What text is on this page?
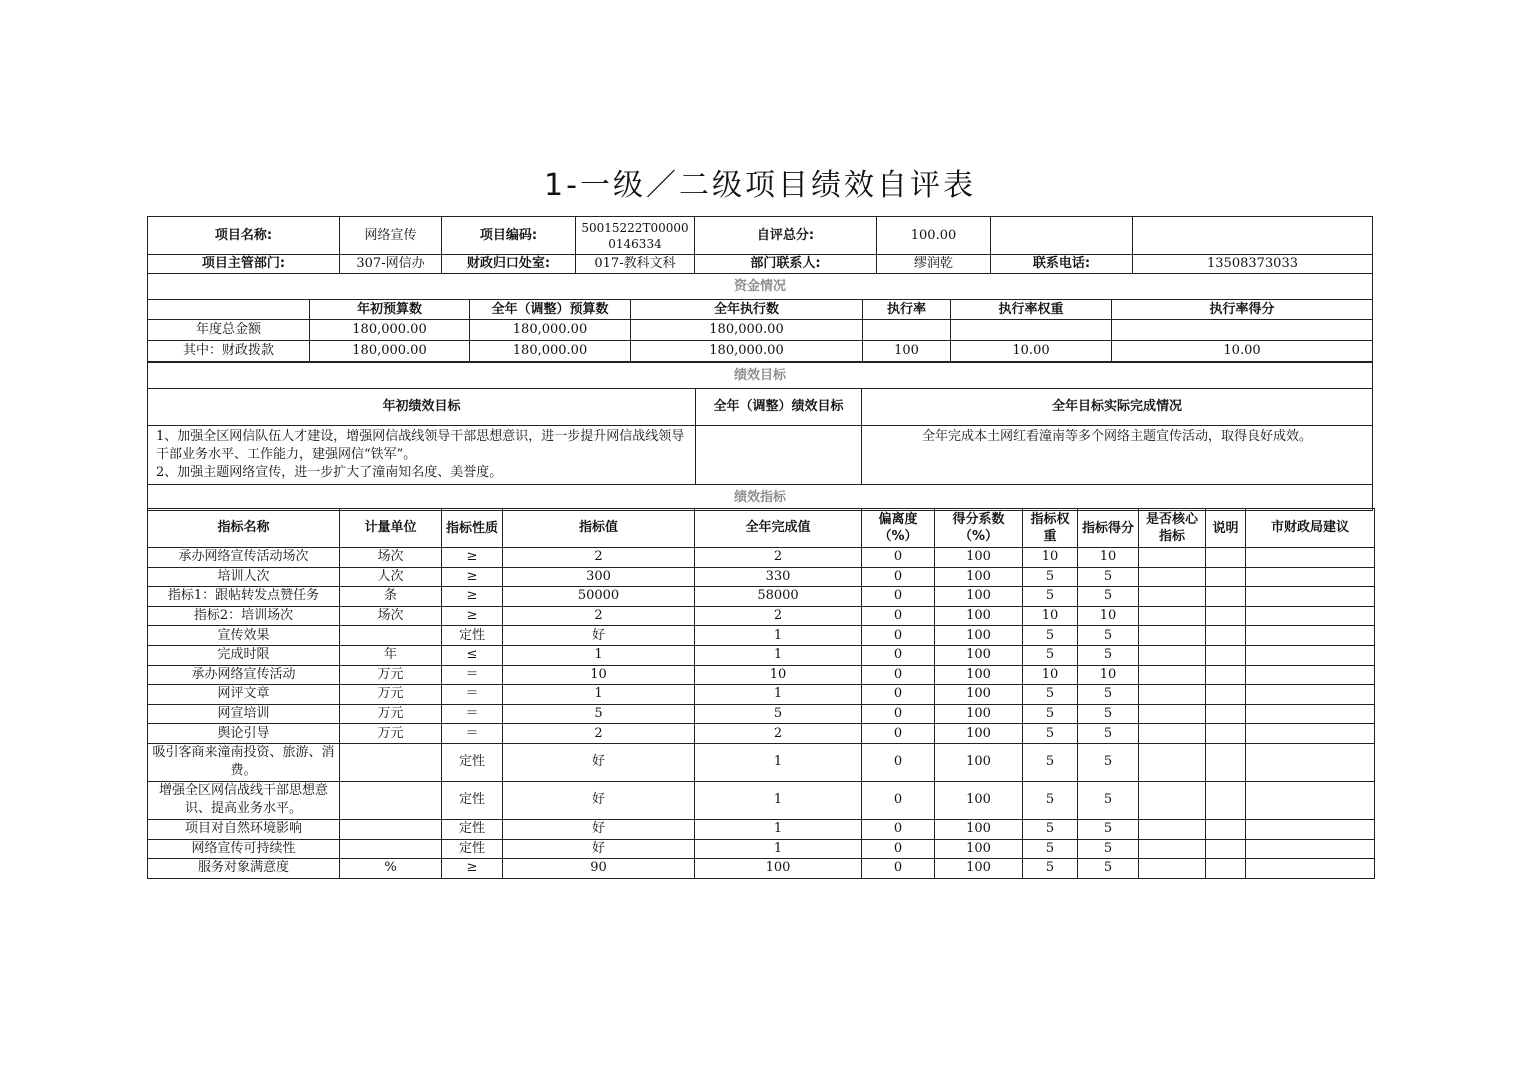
1-一级／二级项目绩效自评表
项目名称:	网络宣传	项目编码:	50015222T000000146334	自评总分:	100.00		
项目主管部门:	307-网信办	财政归口处室:	017-教科文科	部门联系人:	缪润乾	联系电话:	13508373033
资金情况						
	年初预算数	全年（调整）预算数	全年执行数	执行率	执行率权重	执行率得分
年度总金额	180,000.00	180,000.00	180,000.00			
其中：财政拨款	180,000.00	180,000.00	180,000.00	100	10.00	10.00
绩效目标		
年初绩效目标	全年（调整）绩效目标	全年目标实际完成情况
1、加强全区网信队伍人才建设，增强网信战线领导干部思想意识，进一步提升网信战线领导干部业务水平、工作能力，建强网信“铁军”。
2、加强主题网络宣传，进一步扩大了潼南知名度、美誉度。		全年完成本土网红看潼南等多个网络主题宣传活动，取得良好成效。
绩效指标		
指标名称	计量单位	指标性质	指标值	全年完成值	偏离度（%）	得分系数（%）	指标权重	指标得分	是否核心指标	说明	市财政局建议
承办网络宣传活动场次	场次	≥	2	2	0	100	10	10			
培训人次	人次	≥	300	330	0	100	5	5			
指标1：跟帖转发点赞任务	条	≥	50000	58000	0	100	5	5			
指标2：培训场次	场次	≥	2	2	0	100	10	10			
宣传效果		定性	好	1	0	100	5	5			
完成时限	年	≤	1	1	0	100	5	5			
承办网络宣传活动	万元	＝	10	10	0	100	10	10			
网评文章	万元	＝	1	1	0	100	5	5			
网宣培训	万元	＝	5	5	0	100	5	5			
舆论引导	万元	＝	2	2	0	100	5	5			
吸引客商来潼南投资、旅游、消费。		定性	好	1	0	100	5	5			
增强全区网信战线干部思想意识、提高业务水平。		定性	好	1	0	100	5	5			
项目对自然环境影响		定性	好	1	0	100	5	5			
网络宣传可持续性		定性	好	1	0	100	5	5			
服务对象满意度	%	≥	90	100	0	100	5	5			
